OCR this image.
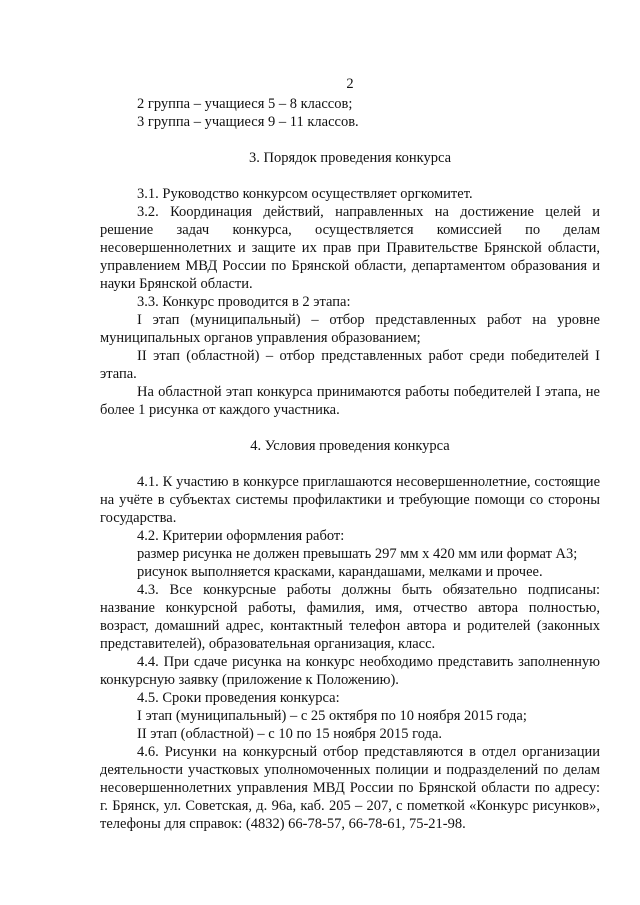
2

2 группа – учащиеся 5 – 8 классов;

3 группа – учащиеся 9 – 11 классов.

3. Порядок проведения конкурса

3.1. Руководство конкурсом осуществляет оргкомитет.

3.2. Координация действий, направленных на достижение целей и решение задач конкурса, осуществляется комиссией по делам несовершеннолетних и защите их прав при Правительстве Брянской области, управлением МВД России по Брянской области, департаментом образования и науки Брянской области.

3.3. Конкурс проводится в 2 этапа:

I этап (муниципальный) – отбор представленных работ на уровне муниципальных органов управления образованием;

II этап (областной) – отбор представленных работ среди победителей I этапа.

На областной этап конкурса принимаются работы победителей I этапа, не более 1 рисунка от каждого участника.

4. Условия проведения конкурса

4.1. К участию в конкурсе приглашаются несовершеннолетние, состоящие на учёте в субъектах системы профилактики и требующие помощи со стороны государства.

4.2. Критерии оформления работ:

размер рисунка не должен превышать 297 мм х 420 мм или формат А3;

рисунок выполняется красками, карандашами, мелками и прочее.

4.3. Все конкурсные работы должны быть обязательно подписаны: название конкурсной работы, фамилия, имя, отчество автора полностью, возраст, домашний адрес, контактный телефон автора и родителей (законных представителей), образовательная организация, класс.

4.4. При сдаче рисунка на конкурс необходимо представить заполненную конкурсную заявку (приложение к Положению).

4.5. Сроки проведения конкурса:

I этап (муниципальный) – с 25 октября по 10 ноября 2015 года;

II этап (областной) – с 10 по 15 ноября 2015 года.

4.6. Рисунки на конкурсный отбор представляются в отдел организации деятельности участковых уполномоченных полиции и подразделений по делам несовершеннолетних управления МВД России по Брянской области по адресу: г. Брянск, ул. Советская, д. 96а, каб. 205 – 207, с пометкой «Конкурс рисунков», телефоны для справок: (4832) 66-78-57, 66-78-61, 75-21-98.
